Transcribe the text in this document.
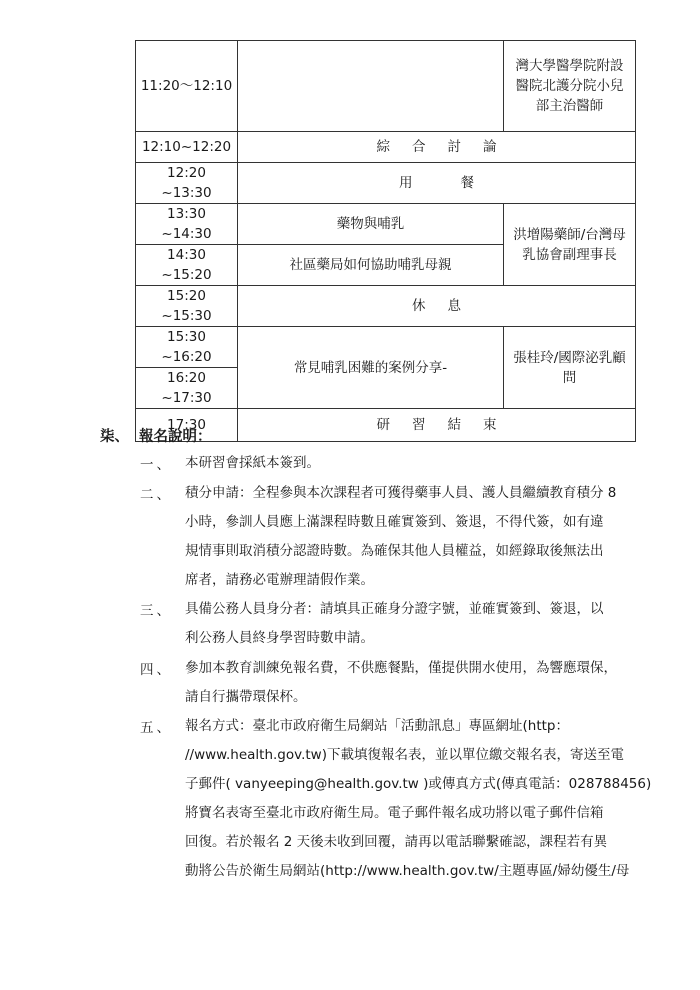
11:20～12:10		灣大學醫學院附設
醫院北護分院小兒
部主治醫師

12:10~12:20	綜合討論	
12:20 ~13:30	用餐	
13:30 ~14:30	藥物與哺乳	洪增陽藥師/台灣母
乳協會副理事長

14:30 ~15:20	社區藥局如何協助哺乳母親	
15:20 ~15:30	休息	
15:30 ~16:20	常見哺乳困難的案例分享-	張桂玲/國際泌乳顧
問

16:20 ~17:30		
17:30	研習結束	
柒、 報名說明：
一、 本研習會採紙本簽到。
二、 積分申請：全程參與本次課程者可獲得藥事人員、護人員繼續教育積分 8
小時，參訓人員應上滿課程時數且確實簽到、簽退，不得代簽，如有違
規情事則取消積分認證時數。為確保其他人員權益，如經錄取後無法出
席者，請務必電辦理請假作業。
三、 具備公務人員身分者：請填具正確身分證字號，並確實簽到、簽退，以
利公務人員終身學習時數申請。
四、 參加本教育訓練免報名費，不供應餐點，僅提供開水使用，為響應環保，
請自行攜帶環保杯。
五、 報名方式：臺北市政府衛生局網站「活動訊息」專區網址(http：
//www.health.gov.tw)下載填復報名表，並以單位繳交報名表，寄送至電
子郵件( vanyeeping@health.gov.tw )或傳真方式(傳真電話：028788456)
將寶名表寄至臺北市政府衛生局。電子郵件報名成功將以電子郵件信箱
回復。若於報名 2 天後未收到回覆，請再以電話聯繫確認，課程若有異
動將公告於衛生局網站(http://www.health.gov.tw/主題專區/婦幼優生/母
